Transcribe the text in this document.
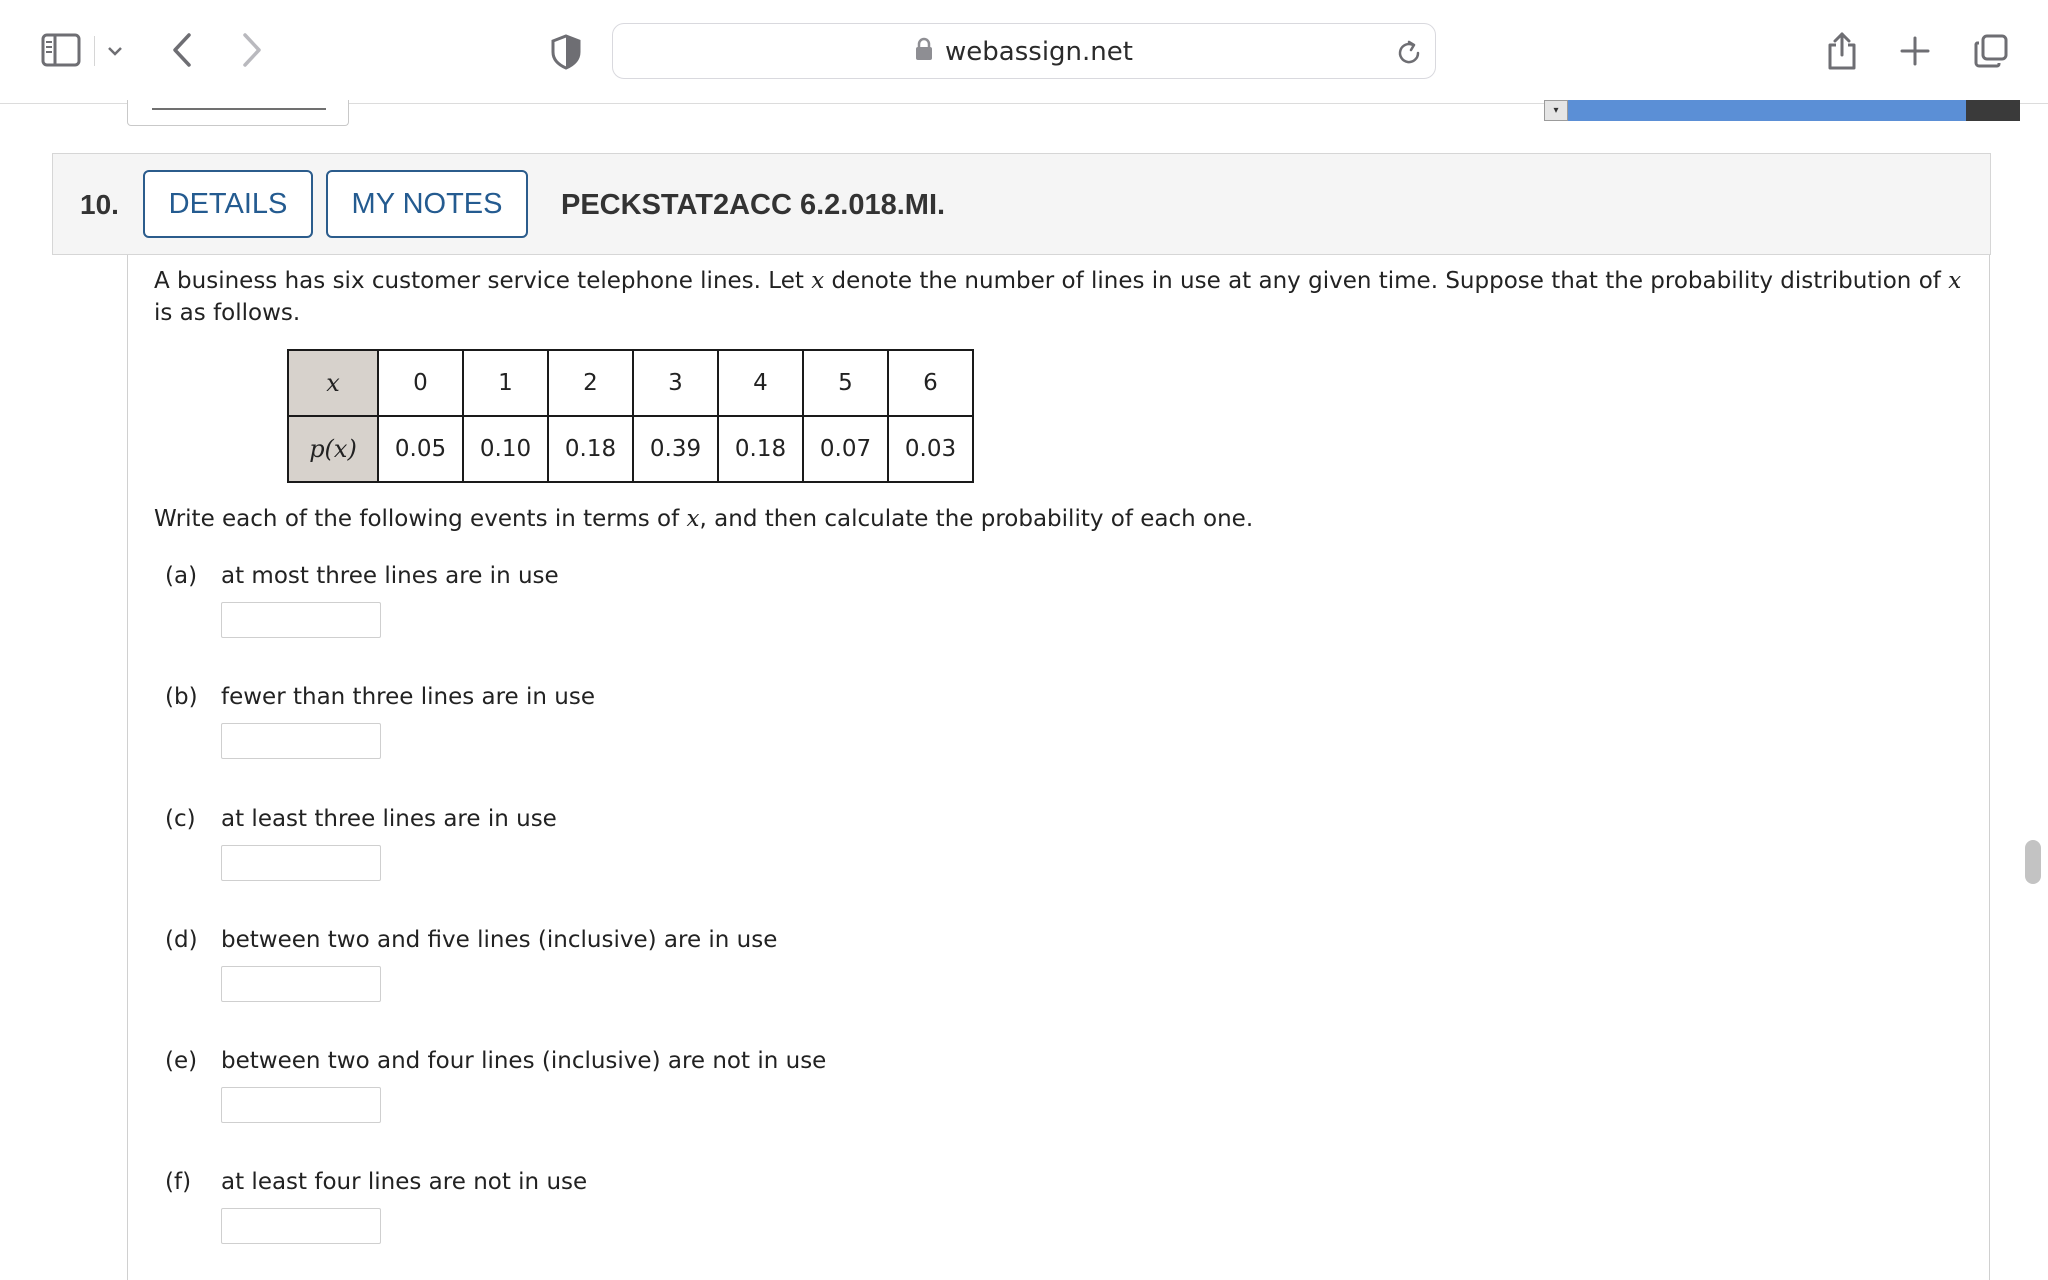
webassign.net
▾
10.	DETAILS	MY NOTES	PECKSTAT2ACC 6.2.018.MI.
A business has six customer service telephone lines. Let x denote the number of lines in use at any given time. Suppose that the probability distribution of x is as follows.
x	0	1	2	3	4	5	6
p(x)	0.05	0.10	0.18	0.39	0.18	0.07	0.03
Write each of the following events in terms of x, and then calculate the probability of each one.
(a) at most three lines are in use
(b) fewer than three lines are in use
(c) at least three lines are in use
(d) between two and five lines (inclusive) are in use
(e) between two and four lines (inclusive) are not in use
(f) at least four lines are not in use
